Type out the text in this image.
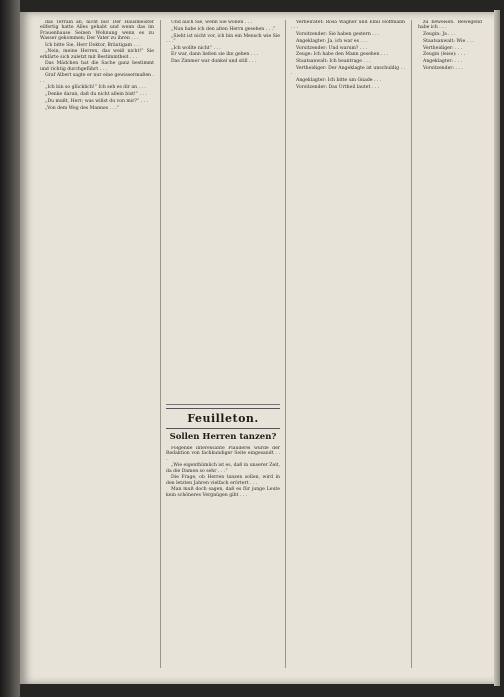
das Terrain ab, nicht bis! Der Hausmeister eilfertig hatte Alles gehabt und wenn das im Frauenhause Seinen Wohnung wenn es zu Wasser gekommen; Der Vater zu ihren . . .

Ich bitte Sie, Herr Doktor, Bräutigam . . .

„Nein, meine Herren, das weiß nicht!“ Sie erklärte sich zuletzt mit Bestimmtheit . . .

Das Mädchen hat die Sache ganz bestimmt und richtig durchgeführt . . .

Graf Albert sagte er nur eine gewissermaßen . . .

„Ich bin so glücklich!“ Ich seh es dir an . . .

„Denke daran, daß du nicht allein bist!“ . . .

„Du mußt, Herr; was willst du von mir?“ . . .

„Von dem Weg des Mannes . . .“

Und auch Sie, wenn Sie wollen . . .

„Nun habe ich den alten Herrn gesehen . . .“

„Sieht ist nicht vor, ich bin ein Mensch wie Sie . . .“

„Ich wollte nicht“ . . .

Er war, dann ließen sie ihn gehen . . .

Das Zimmer war dunkel und still . . .

Feuilleton.
Sollen Herren tanzen?

Folgende interessante Plauderei wurde der Redaktion von fachkundiger Seite eingesandt . . .

„Wie eigenthümlich ist es, daß in unserer Zeit, da die Damen so sehr . . .“

Die Frage, ob Herren tanzen sollen, wird in den letzten Jahren vielfach erörtert . . .

Man muß doch sagen, daß es für junge Leute kein schöneres Vergnügen gibt . . .

Verheiratet: Rosa Wagner und Emil Hoffmann . . .

Vorsitzender: Sie haben gestern . . .

Angeklagter: Ja, ich war es . . .

Vorsitzender: Und warum? . . .

Zeuge: Ich habe den Mann gesehen . . .

Staatsanwalt: Ich beantrage . . .

Vertheidiger: Der Angeklagte ist unschuldig . . .

Angeklagter: Ich bitte um Gnade . . .

Vorsitzender: Das Urtheil lautet . . .

zu beweisen. Bewegend habe ich . . .

Zeugin: Ja . . .

Staatsanwalt: Wie . . .

Vertheidiger: . . .

Zeugin (leise): . . .

Angeklagter: . . .

Vorsitzender: . . .
